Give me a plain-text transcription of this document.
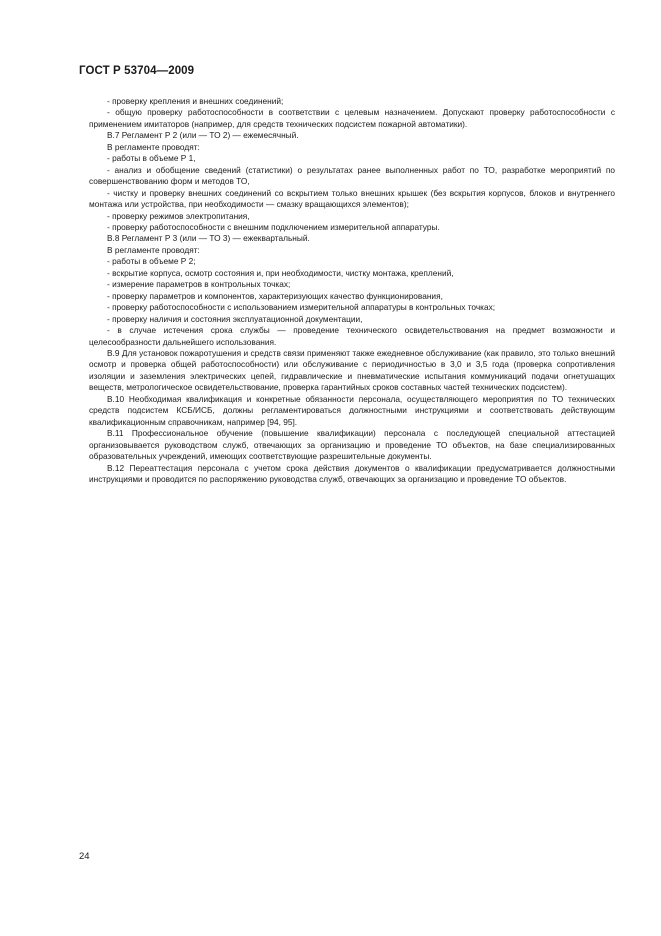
ГОСТ Р 53704—2009

- проверку крепления и внешних соединений;

- общую проверку работоспособности в соответствии с целевым назначением. Допускают проверку работоспособности с применением имитаторов (например, для средств технических подсистем пожарной автоматики).

В.7 Регламент Р 2 (или — ТО 2) — ежемесячный.

В регламенте проводят:

- работы в объеме Р 1,

- анализ и обобщение сведений (статистики) о результатах ранее выполненных работ по ТО, разработке мероприятий по совершенствованию форм и методов ТО,

- чистку и проверку внешних соединений со вскрытием только внешних крышек (без вскрытия корпусов, блоков и внутреннего монтажа или устройства, при необходимости — смазку вращающихся элементов);

- проверку режимов электропитания,

- проверку работоспособности с внешним подключением измерительной аппаратуры.

В.8 Регламент Р 3 (или — ТО 3) — ежеквартальный.

В регламенте проводят:

- работы в объеме Р 2;

- вскрытие корпуса, осмотр состояния и, при необходимости, чистку монтажа, креплений,

- измерение параметров в контрольных точках;

- проверку параметров и компонентов, характеризующих качество функционирования,

- проверку работоспособности с использованием измерительной аппаратуры в контрольных точках;

- проверку наличия и состояния эксплуатационной документации,

- в случае истечения срока службы — проведение технического освидетельствования на предмет возможности и целесообразности дальнейшего использования.

В.9 Для установок пожаротушения и средств связи применяют также ежедневное обслуживание (как правило, это только внешний осмотр и проверка общей работоспособности) или обслуживание с периодичностью в 3,0 и 3,5 года (проверка сопротивления изоляции и заземления электрических цепей, гидравлические и пневматические испытания коммуникаций подачи огнетушащих веществ, метрологическое освидетельствование, проверка гарантийных сроков составных частей технических подсистем).

В.10 Необходимая квалификация и конкретные обязанности персонала, осуществляющего мероприятия по ТО технических средств подсистем КСБ/ИСБ, должны регламентироваться должностными инструкциями и соответствовать действующим квалификационным справочникам, например [94, 95].

В.11 Профессиональное обучение (повышение квалификации) персонала с последующей специальной аттестацией организовывается руководством служб, отвечающих за организацию и проведение ТО объектов, на базе специализированных образовательных учреждений, имеющих соответствующие разрешительные документы.

В.12 Переаттестация персонала с учетом срока действия документов о квалификации предусматривается должностными инструкциями и проводится по распоряжению руководства служб, отвечающих за организацию и проведение ТО объектов.

24
